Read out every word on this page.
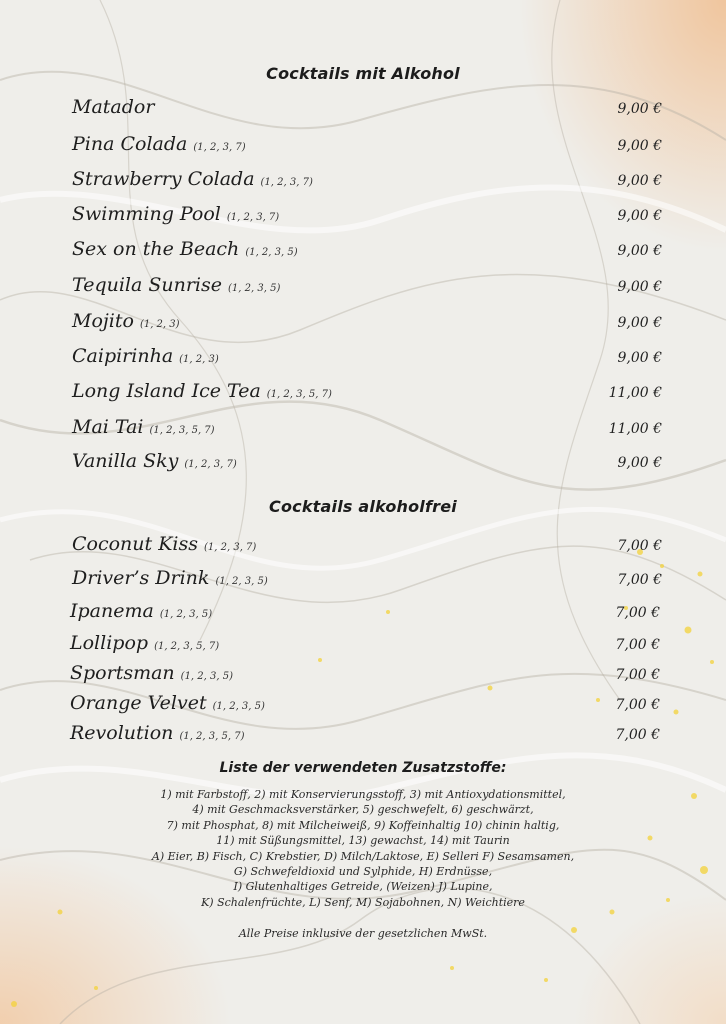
Cocktails mit Alkohol
Matador	9,00 €
Pina Colada (1, 2, 3, 7)	9,00 €
Strawberry Colada (1, 2, 3, 7)	9,00 €
Swimming Pool (1, 2, 3, 7)	9,00 €
Sex on the Beach (1, 2, 3, 5)	9,00 €
Tequila Sunrise (1, 2, 3, 5)	9,00 €
Mojito (1, 2, 3)	9,00 €
Caipirinha (1, 2, 3)	9,00 €
Long Island Ice Tea (1, 2, 3, 5, 7)	11,00 €
Mai Tai (1, 2, 3, 5, 7)	11,00 €
Vanilla Sky (1, 2, 3, 7)	9,00 €
Cocktails alkoholfrei
Coconut Kiss (1, 2, 3, 7)	7,00 €
Driver’s Drink (1, 2, 3, 5)	7,00 €
Ipanema (1, 2, 3, 5)	7,00 €
Lollipop (1, 2, 3, 5, 7)	7,00 €
Sportsman (1, 2, 3, 5)	7,00 €
Orange Velvet (1, 2, 3, 5)	7,00 €
Revolution (1, 2, 3, 5, 7)	7,00 €
Liste der verwendeten Zusatzstoffe:
1) mit Farbstoff, 2) mit Konservierungsstoff, 3) mit Antioxydationsmittel,
4) mit Geschmacksverstärker, 5) geschwefelt, 6) geschwärzt,
7) mit Phosphat, 8) mit Milcheiweiß, 9) Koffeinhaltig 10) chinin haltig,
11) mit Süßungsmittel, 13) gewachst, 14) mit Taurin
A) Eier, B) Fisch, C) Krebstier, D) Milch/Laktose, E) Selleri F) Sesamsamen,
G) Schwefeldioxid und Sylphide, H) Erdnüsse,
I) Glutenhaltiges Getreide, (Weizen) J) Lupine,
K) Schalenfrüchte, L) Senf, M) Sojabohnen, N) Weichtiere
Alle Preise inklusive der gesetzlichen MwSt.
